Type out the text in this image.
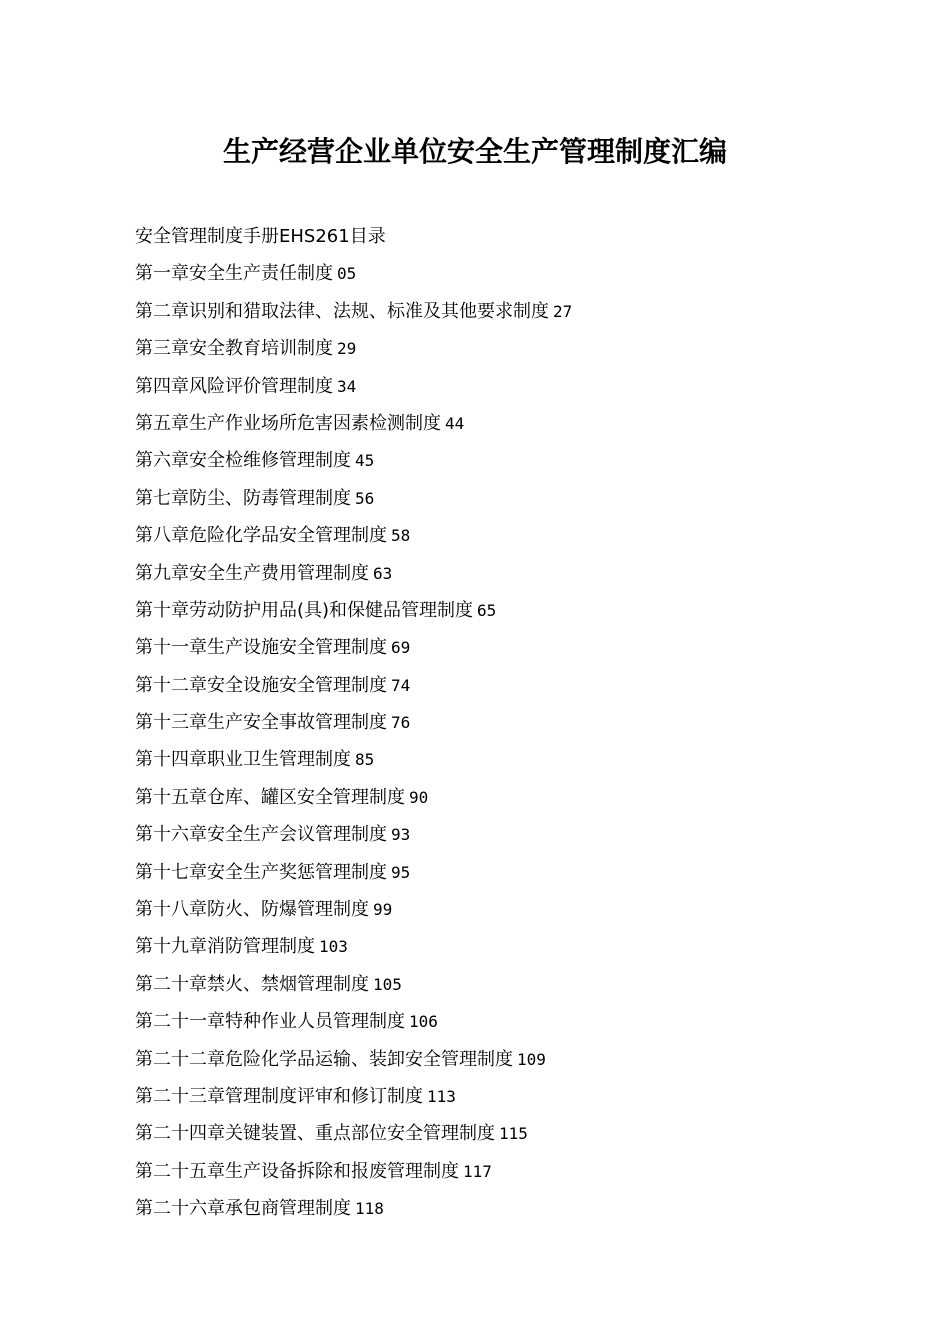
生产经营企业单位安全生产管理制度汇编
安全管理制度手册EHS261目录
第一章安全生产责任制度 05
第二章识别和猎取法律、法规、标准及其他要求制度 27
第三章安全教育培训制度 29
第四章风险评价管理制度 34
第五章生产作业场所危害因素检测制度 44
第六章安全检维修管理制度 45
第七章防尘、防毒管理制度 56
第八章危险化学品安全管理制度 58
第九章安全生产费用管理制度 63
第十章劳动防护用品(具)和保健品管理制度 65
第十一章生产设施安全管理制度 69
第十二章安全设施安全管理制度 74
第十三章生产安全事故管理制度 76
第十四章职业卫生管理制度 85
第十五章仓库、罐区安全管理制度 90
第十六章安全生产会议管理制度 93
第十七章安全生产奖惩管理制度 95
第十八章防火、防爆管理制度 99
第十九章消防管理制度 103
第二十章禁火、禁烟管理制度 105
第二十一章特种作业人员管理制度 106
第二十二章危险化学品运输、装卸安全管理制度 109
第二十三章管理制度评审和修订制度 113
第二十四章关键装置、重点部位安全管理制度 115
第二十五章生产设备拆除和报废管理制度 117
第二十六章承包商管理制度 118
